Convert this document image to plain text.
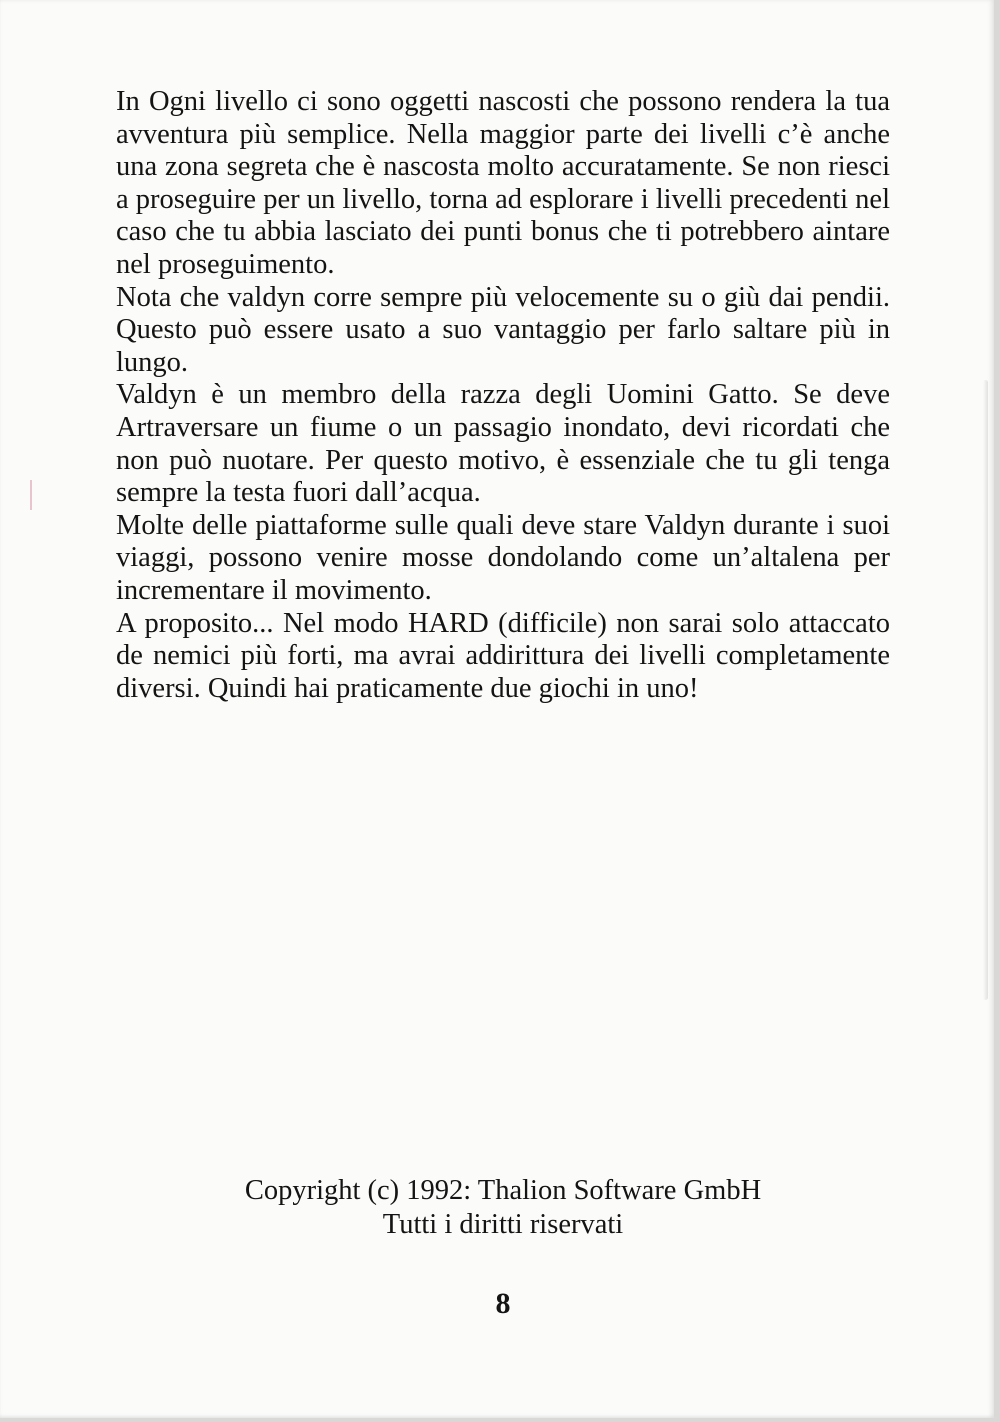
In Ogni livello ci sono oggetti nascosti che possono rendera la tua avventura più semplice. Nella maggior parte dei livelli c’è anche una zona segreta che è nascosta molto accuratamente. Se non riesci a proseguire per un livello, torna ad esplorare i livelli precedenti nel caso che tu abbia lasciato dei punti bonus che ti potrebbero aintare nel proseguimento.

Nota che valdyn corre sempre più velocemente su o giù dai pendii. Questo può essere usato a suo vantaggio per farlo saltare più in lungo.

Valdyn è un membro della razza degli Uomini Gatto. Se deve Artraversare un fiume o un passagio inondato, devi ricordati che non può nuotare. Per questo motivo, è essenziale che tu gli tenga sempre la testa fuori dall’acqua.

Molte delle piattaforme sulle quali deve stare Valdyn durante i suoi viaggi, possono venire mosse dondolando come un’altalena per incrementare il movimento.

A proposito... Nel modo HARD (difficile) non sarai solo attaccato de nemici più forti, ma avrai addirittura dei livelli completamente diversi. Quindi hai praticamente due giochi in uno!

Copyright (c) 1992: Thalion Software GmbH
Tutti i diritti riservati
8
